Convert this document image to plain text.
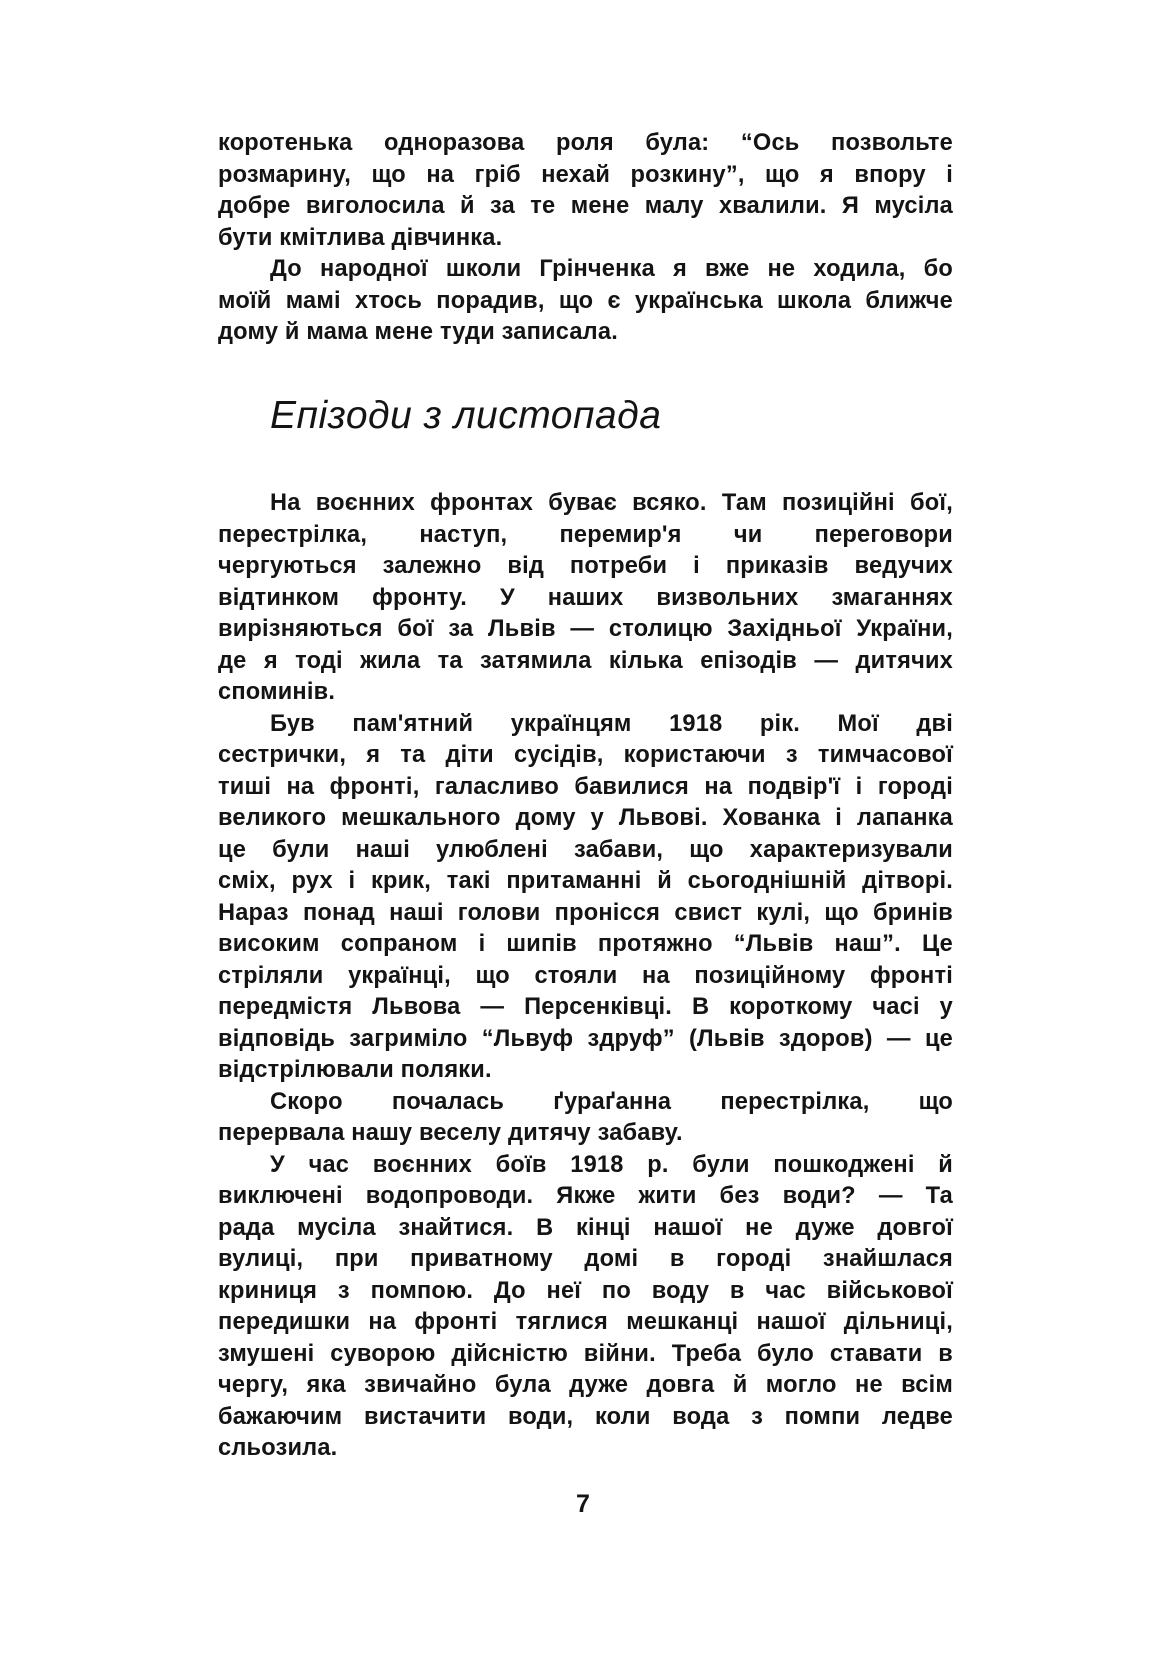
коротенька одноразова роля була: “Ось позвольте
розмарину, що на гріб нехай розкину”, що я впору і
добре виголосила й за те мене малу хвалили. Я мусіла
бути кмітлива дівчинка.
До народної школи Грінченка я вже не ходила, бо
моїй мамі хтось порадив, що є українська школа ближче
дому й мама мене туди записала.
Епізоди з листопада
На воєнних фронтах буває всяко. Там позиційні бої,
перестрілка, наступ, перемир'я чи переговори
чергуються залежно від потреби і приказів ведучих
відтинком фронту. У наших визвольних змаганнях
вирізняються бої за Львів — столицю Західньої України,
де я тоді жила та затямила кілька епізодів — дитячих
споминів.
Був пам'ятний українцям 1918 рік. Мої дві
сестрички, я та діти сусідів, користаючи з тимчасової
тиші на фронті, галасливо бавилися на подвір'ї і городі
великого мешкального дому у Львові. Хованка і лапанка
це були наші улюблені забави, що характеризували
сміх, рух і крик, такі притаманні й сьогоднішній дітворі.
Нараз понад наші голови пронісся свист кулі, що бринів
високим сопраном і шипів протяжно “Львів наш”. Це
стріляли українці, що стояли на позиційному фронті
передмістя Львова — Персенківці. В короткому часі у
відповідь загриміло “Львуф здруф” (Львів здоров) — це
відстрілювали поляки.
Скоро почалась ґураґанна перестрілка, що
перервала нашу веселу дитячу забаву.
У час воєнних боїв 1918 р. були пошкоджені й
виключені водопроводи. Якже жити без води? — Та
рада мусіла знайтися. В кінці нашої не дуже довгої
вулиці, при приватному домі в городі знайшлася
криниця з помпою. До неї по воду в час військової
передишки на фронті тяглися мешканці нашої дільниці,
змушені суворою дійсністю війни. Треба було ставати в
чергу, яка звичайно була дуже довга й могло не всім
бажаючим вистачити води, коли вода з помпи ледве
сльозила.
7
